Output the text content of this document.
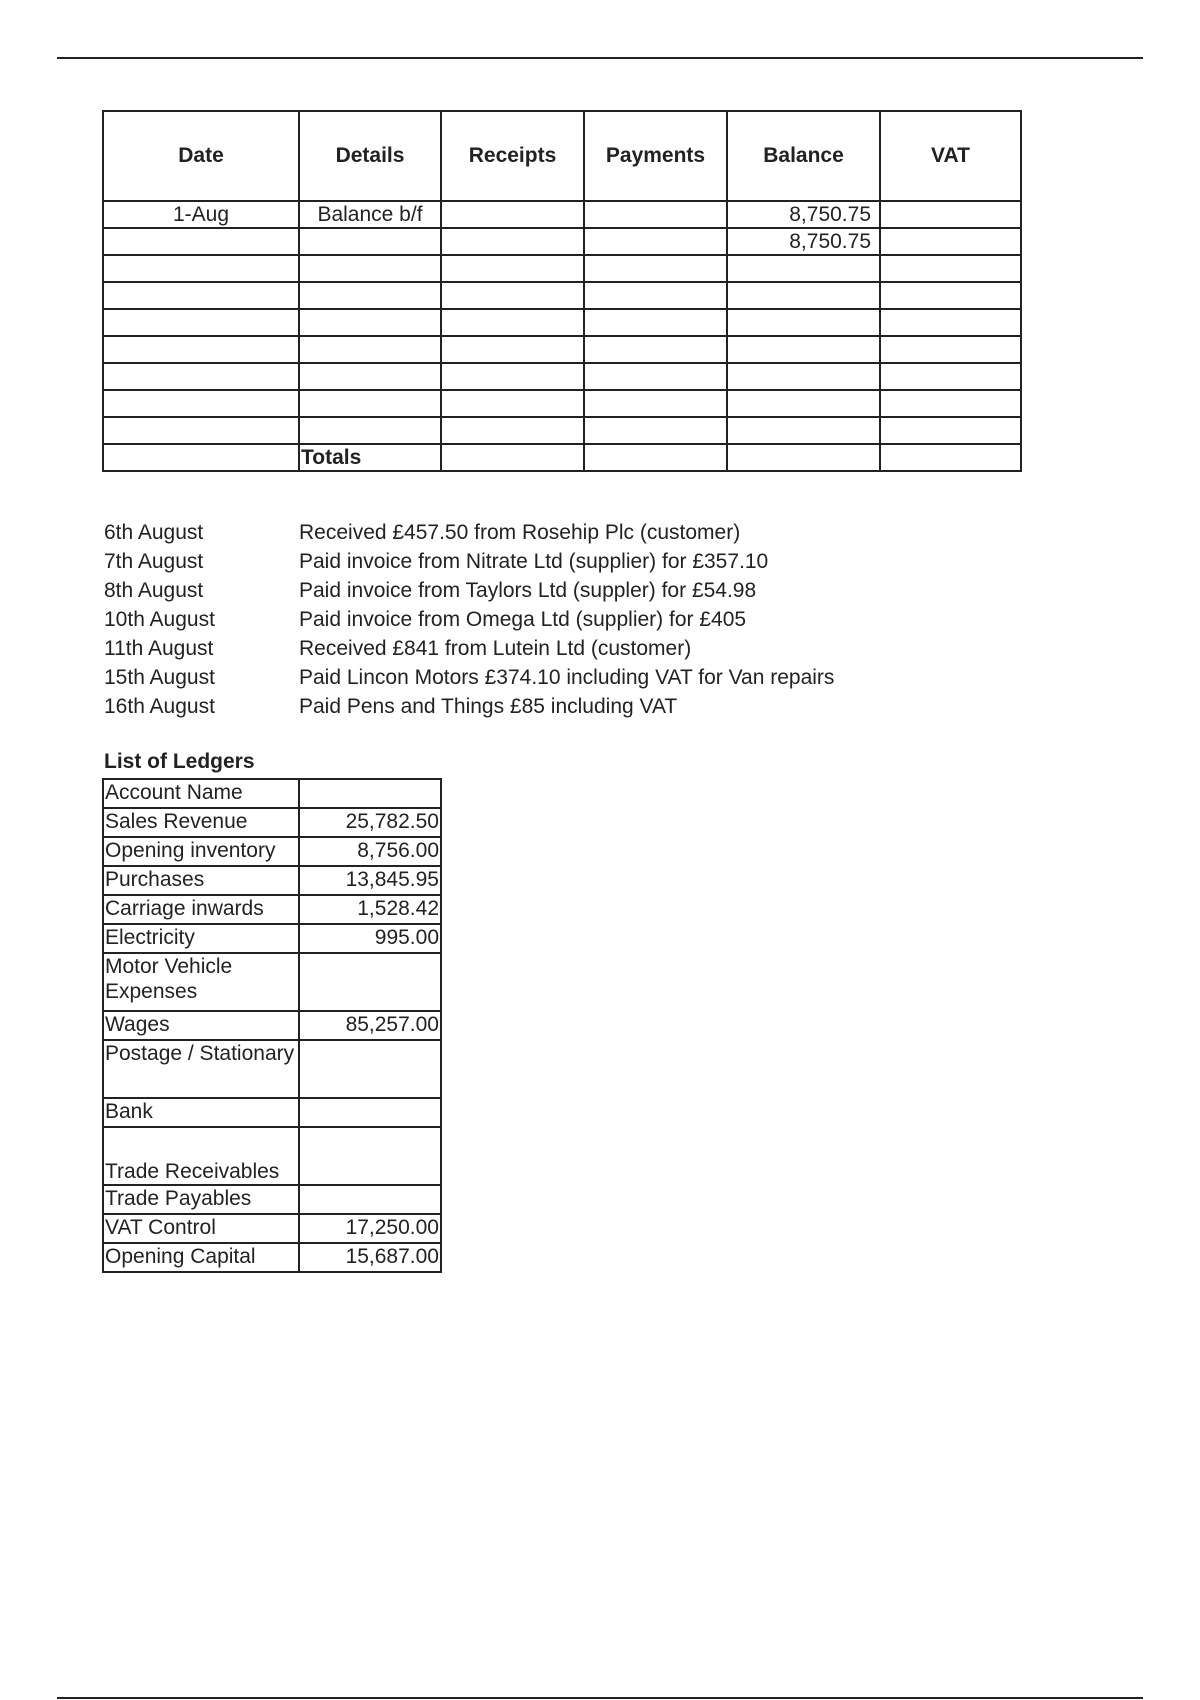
Date	Details	Receipts	Payments	Balance	VAT
1-Aug	Balance b/f			8,750.75	
				8,750.75	

	Totals				
6th August	Received £457.50 from Rosehip Plc (customer)
7th August	Paid invoice from Nitrate Ltd (supplier) for £357.10
8th August	Paid invoice from Taylors Ltd (suppler) for £54.98
10th August	Paid invoice from Omega Ltd (supplier) for £405
11th August	Received £841 from Lutein Ltd (customer)
15th August	Paid Lincon Motors £374.10 including VAT for Van repairs
16th August	Paid Pens and Things £85 including VAT
List of Ledgers
Account Name	
Sales Revenue	25,782.50
Opening inventory	8,756.00
Purchases	13,845.95
Carriage inwards	1,528.42
Electricity	995.00
Motor Vehicle Expenses	
Wages	85,257.00
Postage / Stationary	
Bank	
Trade Receivables	
Trade Payables	
VAT Control	17,250.00
Opening Capital	15,687.00
